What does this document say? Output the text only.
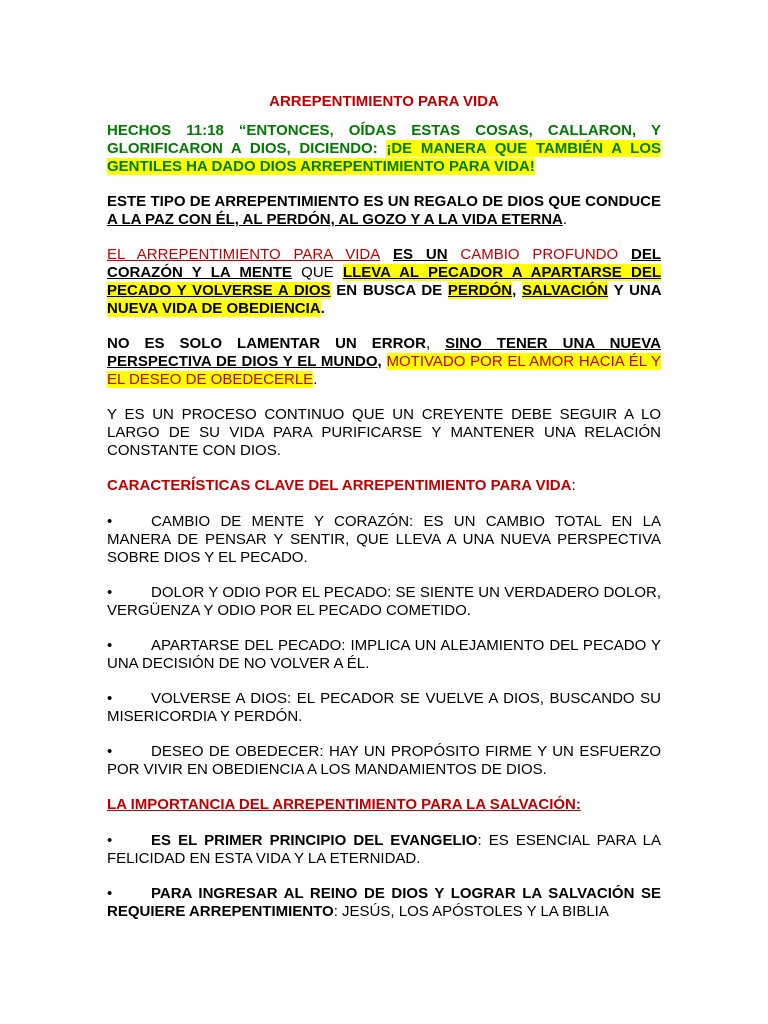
ARREPENTIMIENTO PARA VIDA
HECHOS 11:18 “ENTONCES, OÍDAS ESTAS COSAS, CALLARON, Y GLORIFICARON A DIOS, DICIENDO: ¡DE MANERA QUE TAMBIÉN A LOS GENTILES HA DADO DIOS ARREPENTIMIENTO PARA VIDA!
ESTE TIPO DE ARREPENTIMIENTO ES UN REGALO DE DIOS QUE CONDUCE A LA PAZ CON ÉL, AL PERDÓN, AL GOZO Y A LA VIDA ETERNA.
EL ARREPENTIMIENTO PARA VIDA ES UN CAMBIO PROFUNDO DEL CORAZÓN Y LA MENTE QUE LLEVA AL PECADOR A APARTARSE DEL PECADO Y VOLVERSE A DIOS EN BUSCA DE PERDÓN, SALVACIÓN Y UNA NUEVA VIDA DE OBEDIENCIA.
NO ES SOLO LAMENTAR UN ERROR, SINO TENER UNA NUEVA PERSPECTIVA DE DIOS Y EL MUNDO, MOTIVADO POR EL AMOR HACIA ÉL Y EL DESEO DE OBEDECERLE.
Y ES UN PROCESO CONTINUO QUE UN CREYENTE DEBE SEGUIR A LO LARGO DE SU VIDA PARA PURIFICARSE Y MANTENER UNA RELACIÓN CONSTANTE CON DIOS.
CARACTERÍSTICAS CLAVE DEL ARREPENTIMIENTO PARA VIDA:
•	CAMBIO DE MENTE Y CORAZÓN: ES UN CAMBIO TOTAL EN LA MANERA DE PENSAR Y SENTIR, QUE LLEVA A UNA NUEVA PERSPECTIVA SOBRE DIOS Y EL PECADO.
•	DOLOR Y ODIO POR EL PECADO: SE SIENTE UN VERDADERO DOLOR, VERGÜENZA Y ODIO POR EL PECADO COMETIDO.
•	APARTARSE DEL PECADO: IMPLICA UN ALEJAMIENTO DEL PECADO Y UNA DECISIÓN DE NO VOLVER A ÉL.
•	VOLVERSE A DIOS: EL PECADOR SE VUELVE A DIOS, BUSCANDO SU MISERICORDIA Y PERDÓN.
•	DESEO DE OBEDECER: HAY UN PROPÓSITO FIRME Y UN ESFUERZO POR VIVIR EN OBEDIENCIA A LOS MANDAMIENTOS DE DIOS.
LA IMPORTANCIA DEL ARREPENTIMIENTO PARA LA SALVACIÓN:
•	ES EL PRIMER PRINCIPIO DEL EVANGELIO: ES ESENCIAL PARA LA FELICIDAD EN ESTA VIDA Y LA ETERNIDAD.
•	PARA INGRESAR AL REINO DE DIOS Y LOGRAR LA SALVACIÓN SE REQUIERE ARREPENTIMIENTO: JESÚS, LOS APÓSTOLES Y LA BIBLIA
